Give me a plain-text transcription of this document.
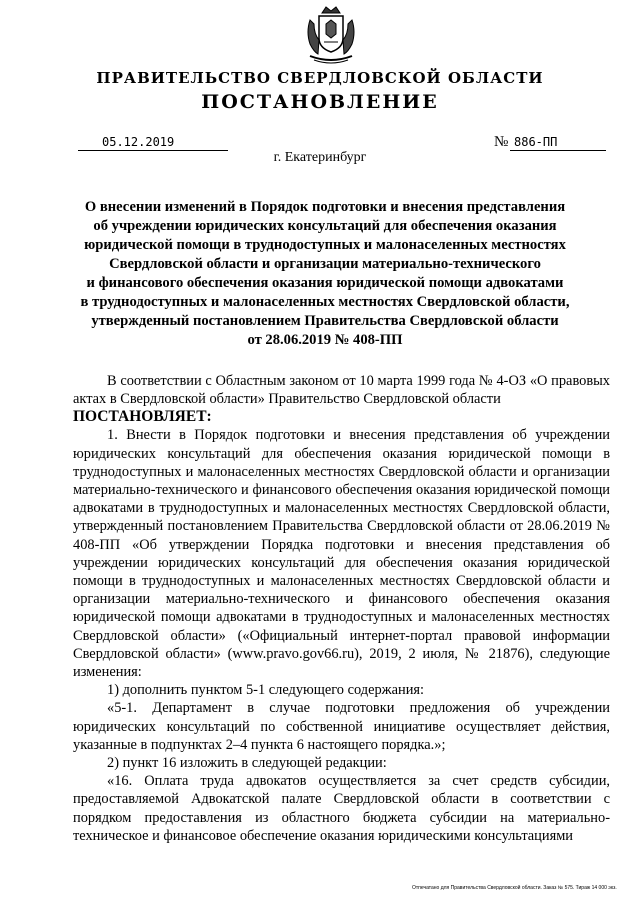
ПРАВИТЕЛЬСТВО СВЕРДЛОВСКОЙ ОБЛАСТИ
ПОСТАНОВЛЕНИЕ
05.12.2019	№ 886-ПП
г. Екатеринбург
О внесении изменений в Порядок подготовки и внесения представления
об учреждении юридических консультаций для обеспечения оказания
юридической помощи в труднодоступных и малонаселенных местностях
Свердловской области и организации материально-технического
и финансового обеспечения оказания юридической помощи адвокатами
в труднодоступных и малонаселенных местностях Свердловской области,
утвержденный постановлением Правительства Свердловской области
от 28.06.2019 № 408-ПП

В соответствии с Областным законом от 10 марта 1999 года № 4-ОЗ «О правовых актах в Свердловской области» Правительство Свердловской области

ПОСТАНОВЛЯЕТ:

1. Внести в Порядок подготовки и внесения представления об учреждении юридических консультаций для обеспечения оказания юридической помощи в труднодоступных и малонаселенных местностях Свердловской области и организации материально-технического и финансового обеспечения оказания юридической помощи адвокатами в труднодоступных и малонаселенных местностях Свердловской области, утвержденный постановлением Правительства Свердловской области от 28.06.2019 № 408-ПП «Об утверждении Порядка подготовки и внесения представления об учреждении юридических консультаций для обеспечения оказания юридической помощи в труднодоступных и малонаселенных местностях Свердловской области и организации материально-технического и финансового обеспечения оказания юридической помощи адвокатами в труднодоступных и малонаселенных местностях Свердловской области» («Официальный интернет-портал правовой информации Свердловской области» (www.pravo.gov66.ru), 2019, 2 июля, № 21876), следующие изменения:

1) дополнить пунктом 5-1 следующего содержания:

«5-1. Департамент в случае подготовки предложения об учреждении юридических консультаций по собственной инициативе осуществляет действия, указанные в подпунктах 2–4 пункта 6 настоящего порядка.»;

2) пункт 16 изложить в следующей редакции:

«16. Оплата труда адвокатов осуществляется за счет средств субсидии, предоставляемой Адвокатской палате Свердловской области в соответствии с порядком предоставления из областного бюджета субсидии на материально-техническое и финансовое обеспечение оказания юридическими консультациями

Отпечатано для Правительства Свердловской области. Заказ № 575. Тираж 14 000 экз.
